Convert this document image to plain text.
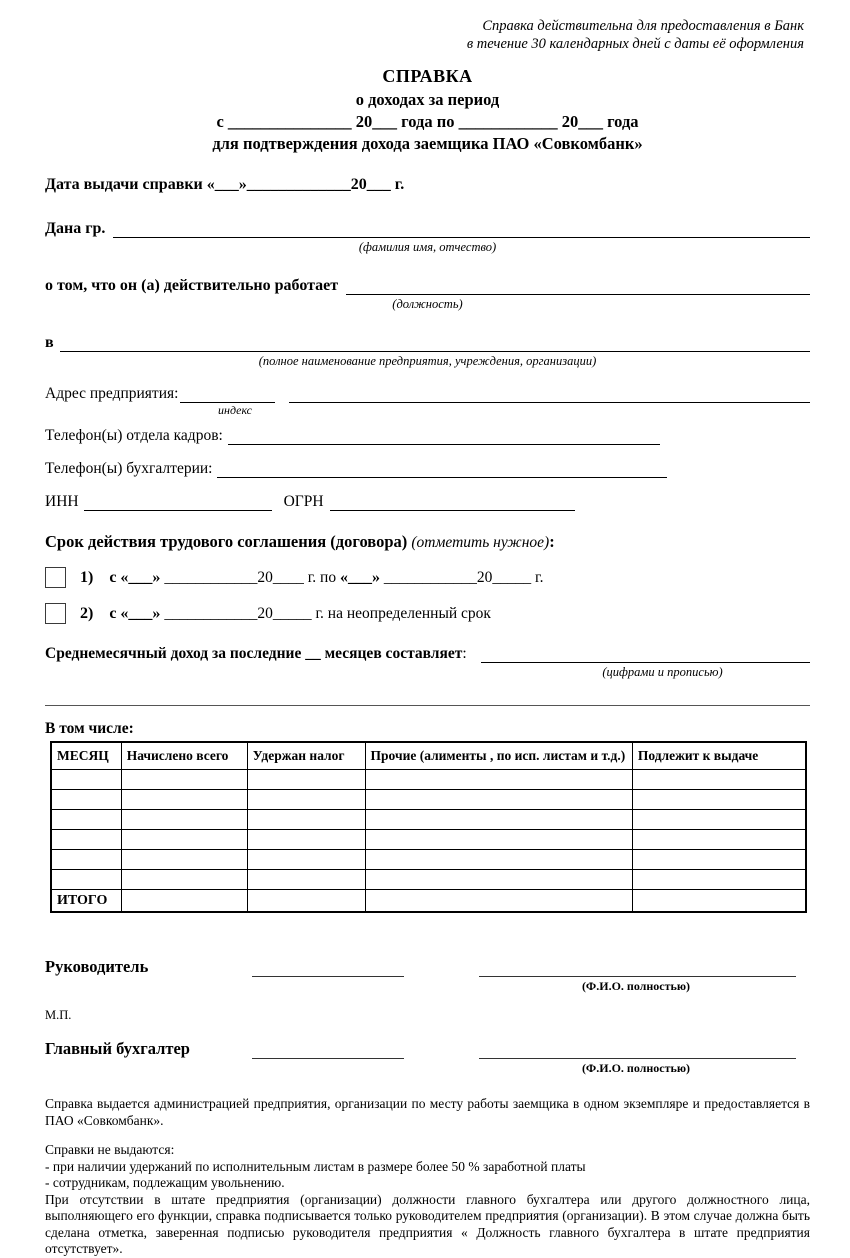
Справка действительна для предоставления в Банк
в течение 30 календарных дней с даты её оформления
СПРАВКА
о доходах за период
с _______________ 20___ года по ____________ 20___ года
для подтверждения дохода заемщика ПАО «Совкомбанк»
Дата выдачи справки «___»_____________20___ г.
Дана гр.
(фамилия имя, отчество)
о том, что он (а) действительно работает
(должность)
в
(полное наименование предприятия, учреждения, организации)
Адрес предприятия:
индекс
Телефон(ы) отдела кадров:
Телефон(ы) бухгалтерии:
ИНН	ОГРН
Срок действия трудового соглашения (договора) (отметить нужное):
1) с «___» ____________20____ г. по «___» ____________20_____ г.
2) с «___» ____________20_____ г. на неопределенный срок
Среднемесячный доход за последние __ месяцев составляет :
(цифрами и прописью)
В том числе:
МЕСЯЦ	Начислено всего	Удержан налог	Прочие (алименты , по исп. листам и т.д.)	Подлежит к выдаче

ИТОГО				
Руководитель
(Ф.И.О. полностью)
М.П.
Главный бухгалтер
(Ф.И.О. полностью)
Справка выдается администрацией предприятия, организации по месту работы заемщика в одном экземпляре и предоставляется в ПАО «Совкомбанк».
Справки не выдаются:
- при наличии удержаний по исполнительным листам в размере более 50 % заработной платы
- сотрудникам, подлежащим увольнению.
При отсутствии в штате предприятия (организации) должности главного бухгалтера или другого должностного лица, выполняющего его функции, справка подписывается только руководителем предприятия (организации). В этом случае должна быть сделана отметка, заверенная подписью руководителя предприятия « Должность главного бухгалтера в штате предприятия отсутствует».
